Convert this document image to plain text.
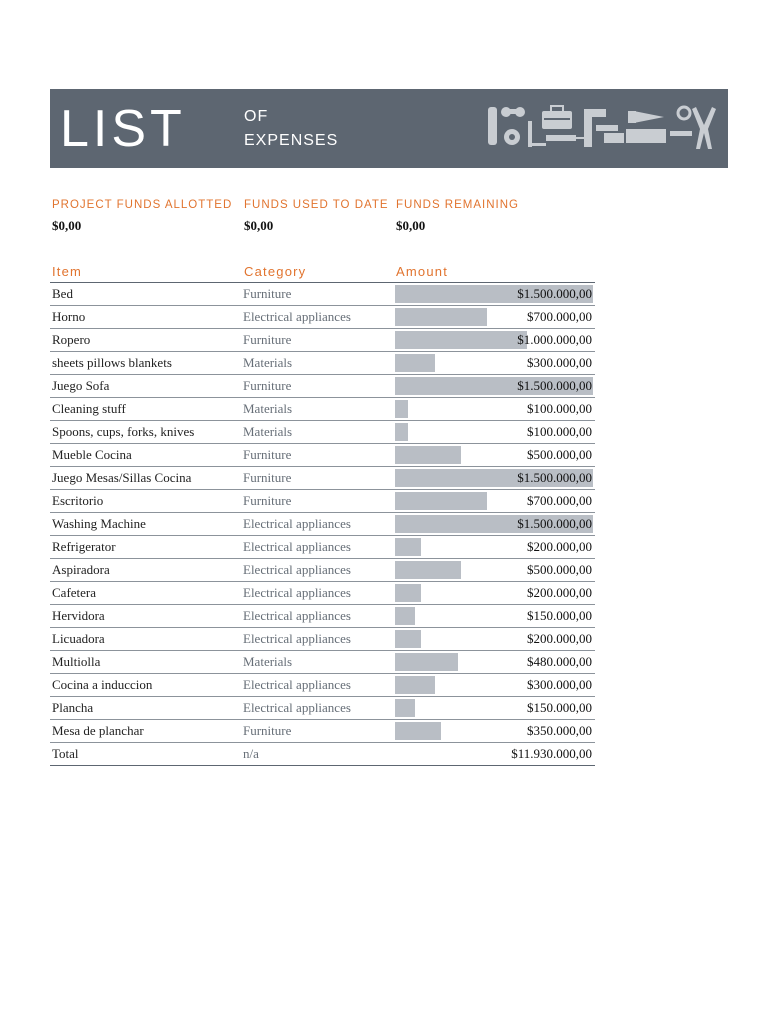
LIST	OF
EXPENSES
PROJECT FUNDS ALLOTTED
$0,00
FUNDS USED TO DATE
$0,00
FUNDS REMAINING
$0,00
Item	Category	Amount
Bed	Furniture	$1.500.000,00
Horno	Electrical appliances	$700.000,00
Ropero	Furniture	$1.000.000,00
sheets pillows blankets	Materials	$300.000,00
Juego Sofa	Furniture	$1.500.000,00
Cleaning stuff	Materials	$100.000,00
Spoons, cups, forks, knives	Materials	$100.000,00
Mueble Cocina	Furniture	$500.000,00
Juego Mesas/Sillas Cocina	Furniture	$1.500.000,00
Escritorio	Furniture	$700.000,00
Washing Machine	Electrical appliances	$1.500.000,00
Refrigerator	Electrical appliances	$200.000,00
Aspiradora	Electrical appliances	$500.000,00
Cafetera	Electrical appliances	$200.000,00
Hervidora	Electrical appliances	$150.000,00
Licuadora	Electrical appliances	$200.000,00
Multiolla	Materials	$480.000,00
Cocina a induccion	Electrical appliances	$300.000,00
Plancha	Electrical appliances	$150.000,00
Mesa de planchar	Furniture	$350.000,00
Total	n/a	$11.930.000,00
